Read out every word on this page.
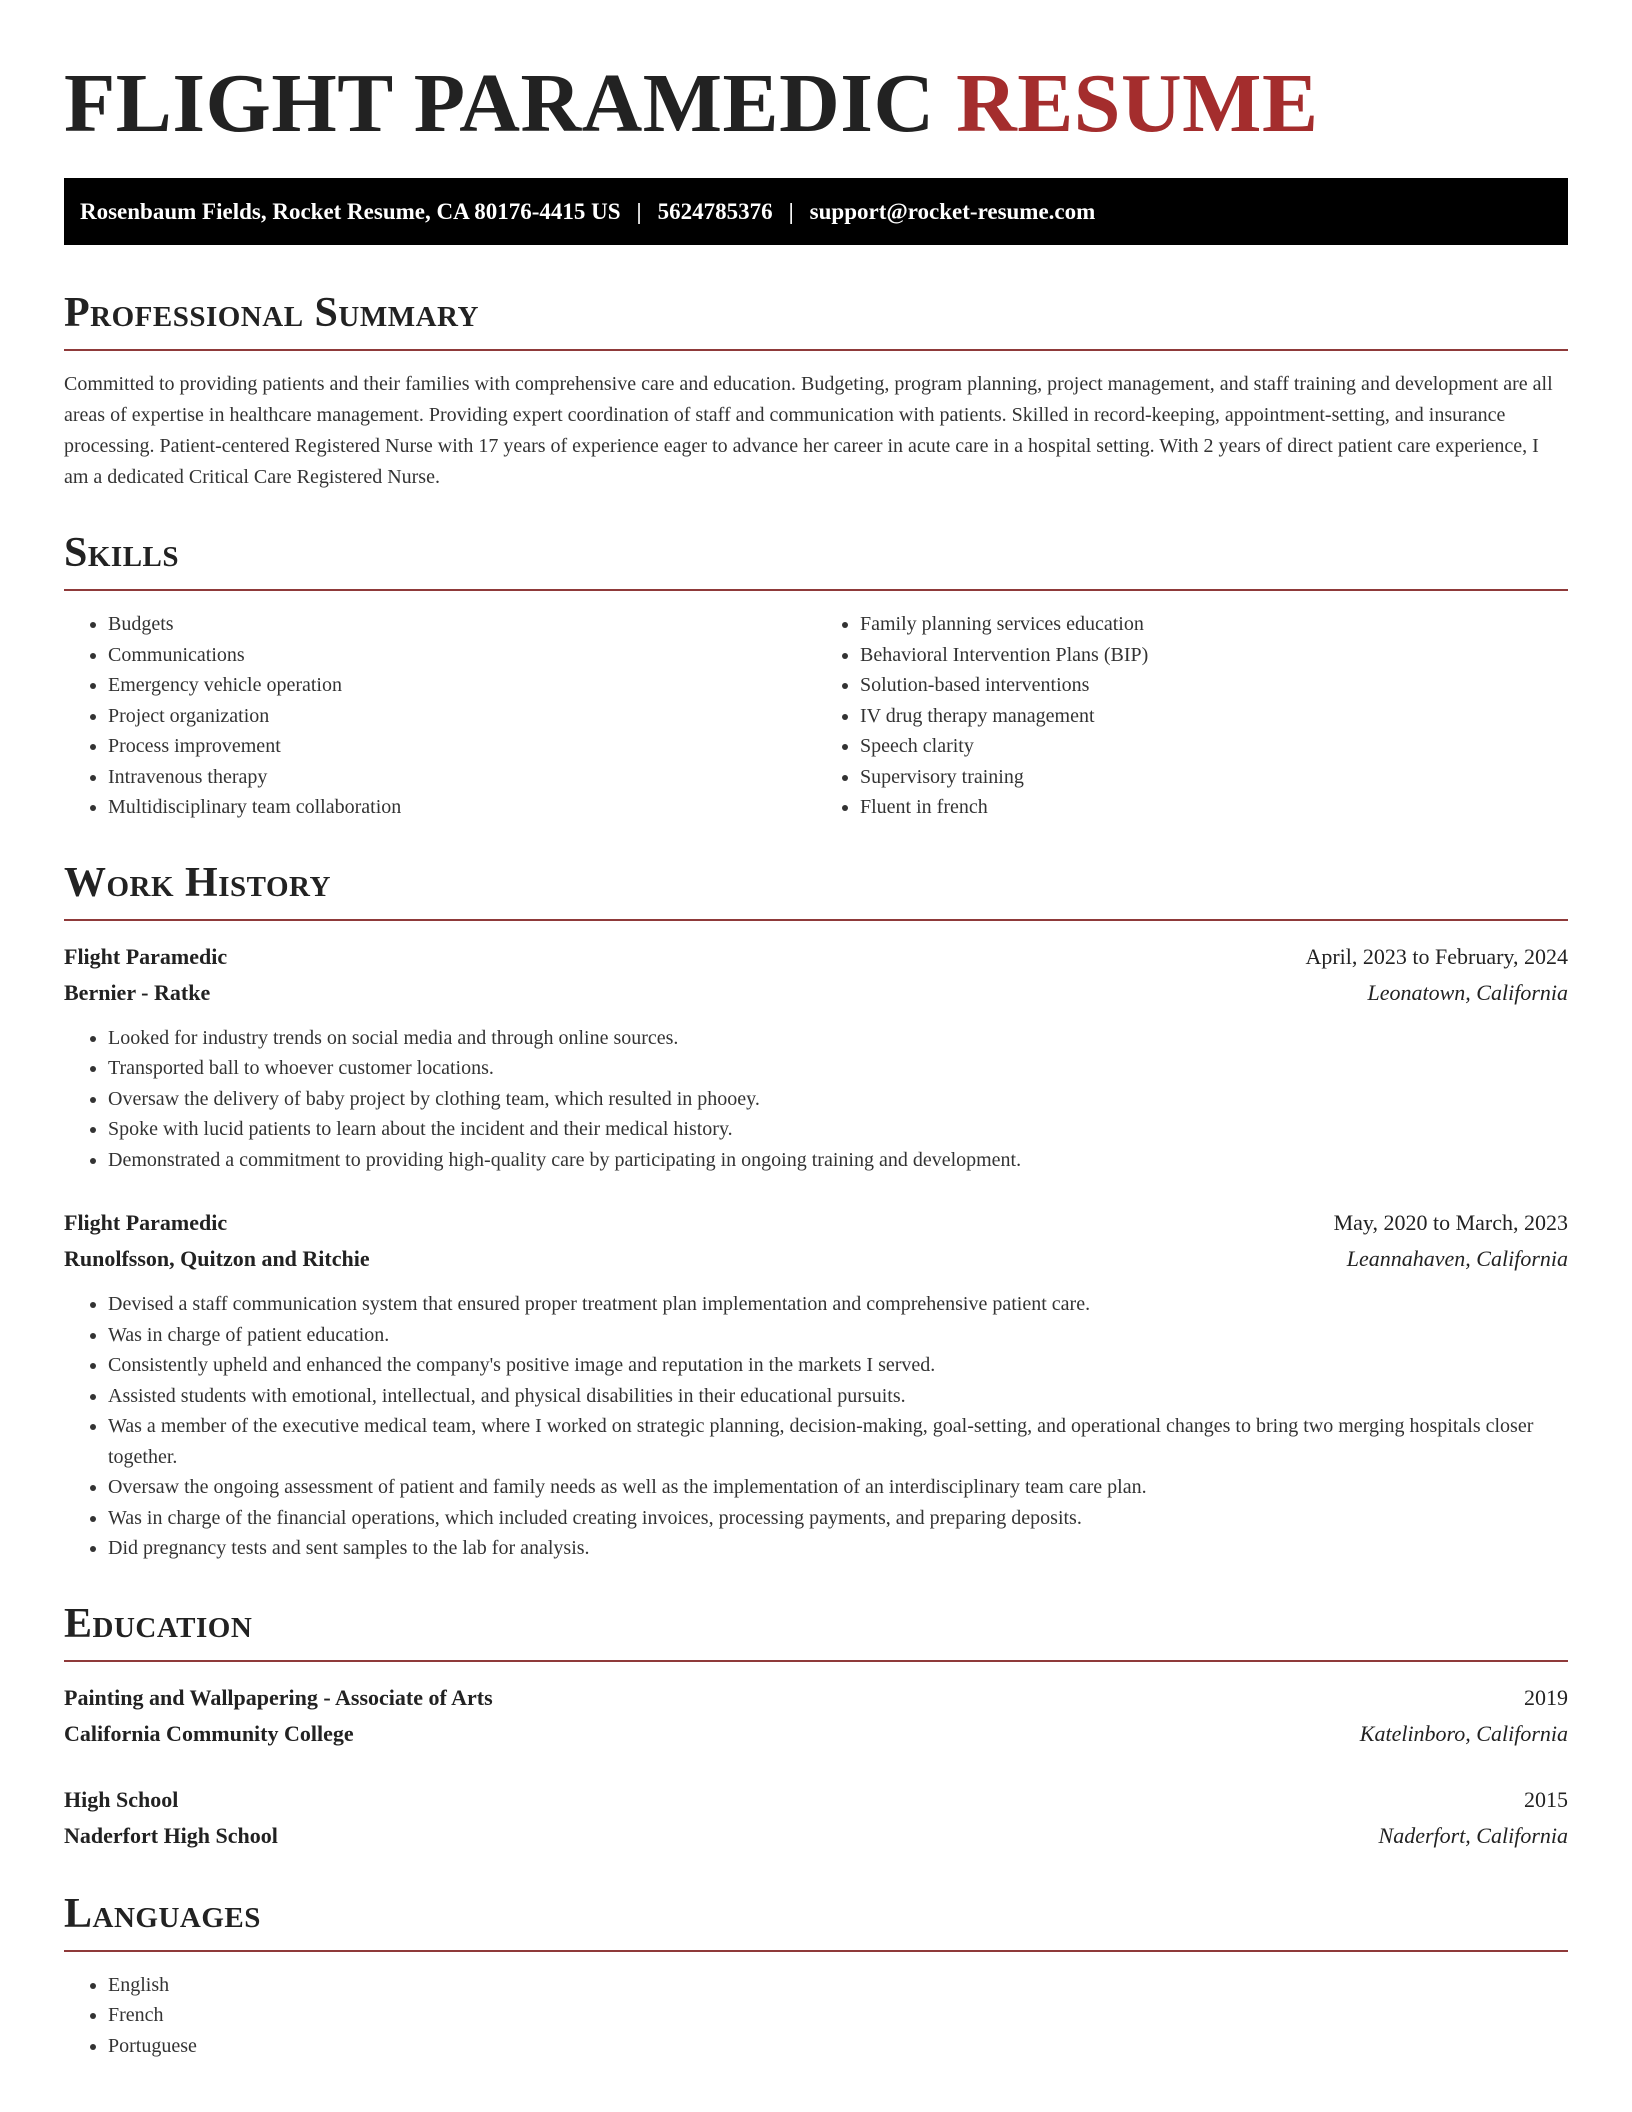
FLIGHT PARAMEDIC RESUME
Rosenbaum Fields, Rocket Resume, CA 80176-4415 US | 5624785376 | support@rocket-resume.com
Professional Summary

Committed to providing patients and their families with comprehensive care and education. Budgeting, program planning, project management, and staff training and development are all areas of expertise in healthcare management. Providing expert coordination of staff and communication with patients. Skilled in record-keeping, appointment-setting, and insurance processing. Patient-centered Registered Nurse with 17 years of experience eager to advance her career in acute care in a hospital setting. With 2 years of direct patient care experience, I am a dedicated Critical Care Registered Nurse.

Skills
• Budgets
• Communications
• Emergency vehicle operation
• Project organization
• Process improvement
• Intravenous therapy
• Multidisciplinary team collaboration
• Family planning services education
• Behavioral Intervention Plans (BIP)
• Solution-based interventions
• IV drug therapy management
• Speech clarity
• Supervisory training
• Fluent in french
Work History
Flight Paramedic	April, 2023 to February, 2024
Bernier - Ratke	Leonatown, California
• Looked for industry trends on social media and through online sources.
• Transported ball to whoever customer locations.
• Oversaw the delivery of baby project by clothing team, which resulted in phooey.
• Spoke with lucid patients to learn about the incident and their medical history.
• Demonstrated a commitment to providing high-quality care by participating in ongoing training and development.
Flight Paramedic	May, 2020 to March, 2023
Runolfsson, Quitzon and Ritchie	Leannahaven, California
• Devised a staff communication system that ensured proper treatment plan implementation and comprehensive patient care.
• Was in charge of patient education.
• Consistently upheld and enhanced the company's positive image and reputation in the markets I served.
• Assisted students with emotional, intellectual, and physical disabilities in their educational pursuits.
• Was a member of the executive medical team, where I worked on strategic planning, decision-making, goal-setting, and operational changes to bring two merging hospitals closer together.
• Oversaw the ongoing assessment of patient and family needs as well as the implementation of an interdisciplinary team care plan.
• Was in charge of the financial operations, which included creating invoices, processing payments, and preparing deposits.
• Did pregnancy tests and sent samples to the lab for analysis.
Education
Painting and Wallpapering - Associate of Arts	2019
California Community College	Katelinboro, California
High School	2015
Naderfort High School	Naderfort, California
Languages
• English
• French
• Portuguese
